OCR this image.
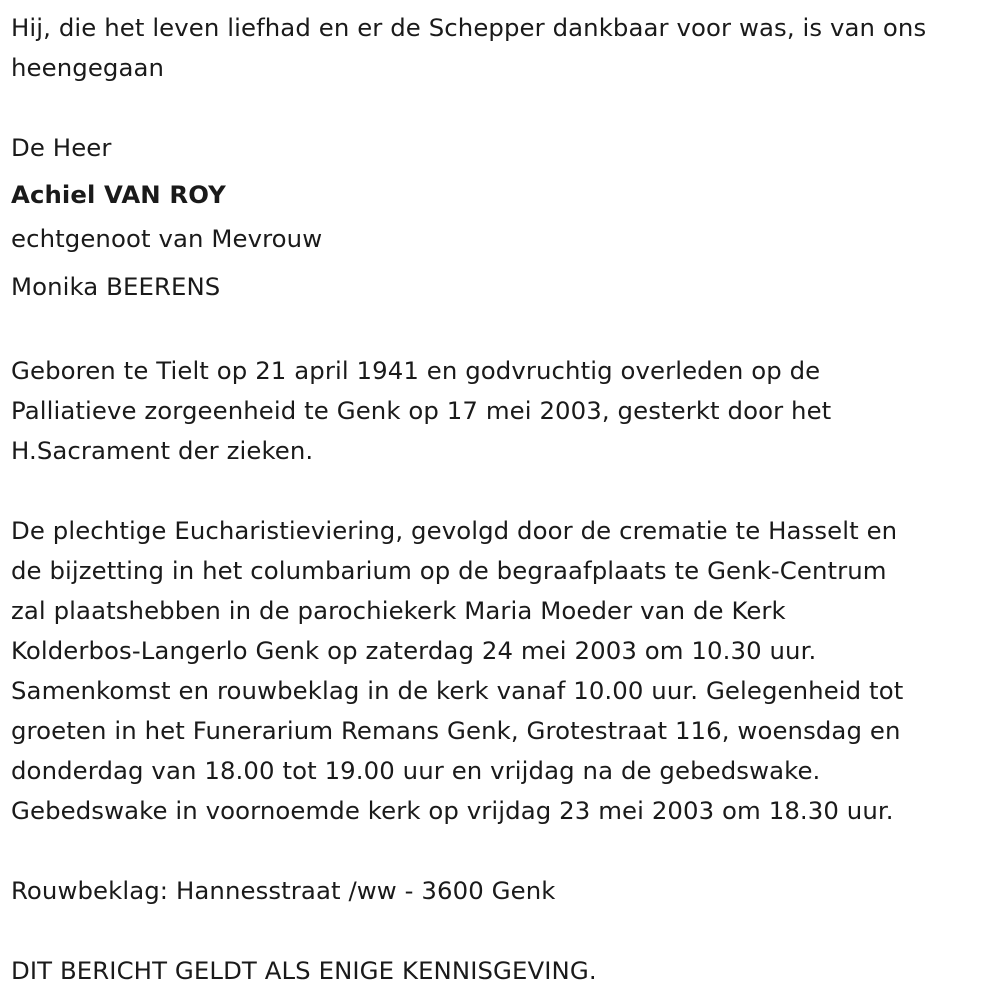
Hij, die het leven liefhad en er de Schepper dankbaar voor was, is van ons
heengegaan

De Heer
Achiel VAN ROY
echtgenoot van Mevrouw
Monika BEERENS

Geboren te Tielt op 21 april 1941 en godvruchtig overleden op de
Palliatieve zorgeenheid te Genk op 17 mei 2003, gesterkt door het
H.Sacrament der zieken.

De plechtige Eucharistieviering, gevolgd door de crematie te Hasselt en
de bijzetting in het columbarium op de begraafplaats te Genk-Centrum
zal plaatshebben in de parochiekerk Maria Moeder van de Kerk
Kolderbos-Langerlo Genk op zaterdag 24 mei 2003 om 10.30 uur.
Samenkomst en rouwbeklag in de kerk vanaf 10.00 uur. Gelegenheid tot
groeten in het Funerarium Remans Genk, Grotestraat 116, woensdag en
donderdag van 18.00 tot 19.00 uur en vrijdag na de gebedswake.
Gebedswake in voornoemde kerk op vrijdag 23 mei 2003 om 18.30 uur.

Rouwbeklag: Hannesstraat /ww - 3600 Genk

DIT BERICHT GELDT ALS ENIGE KENNISGEVING.
